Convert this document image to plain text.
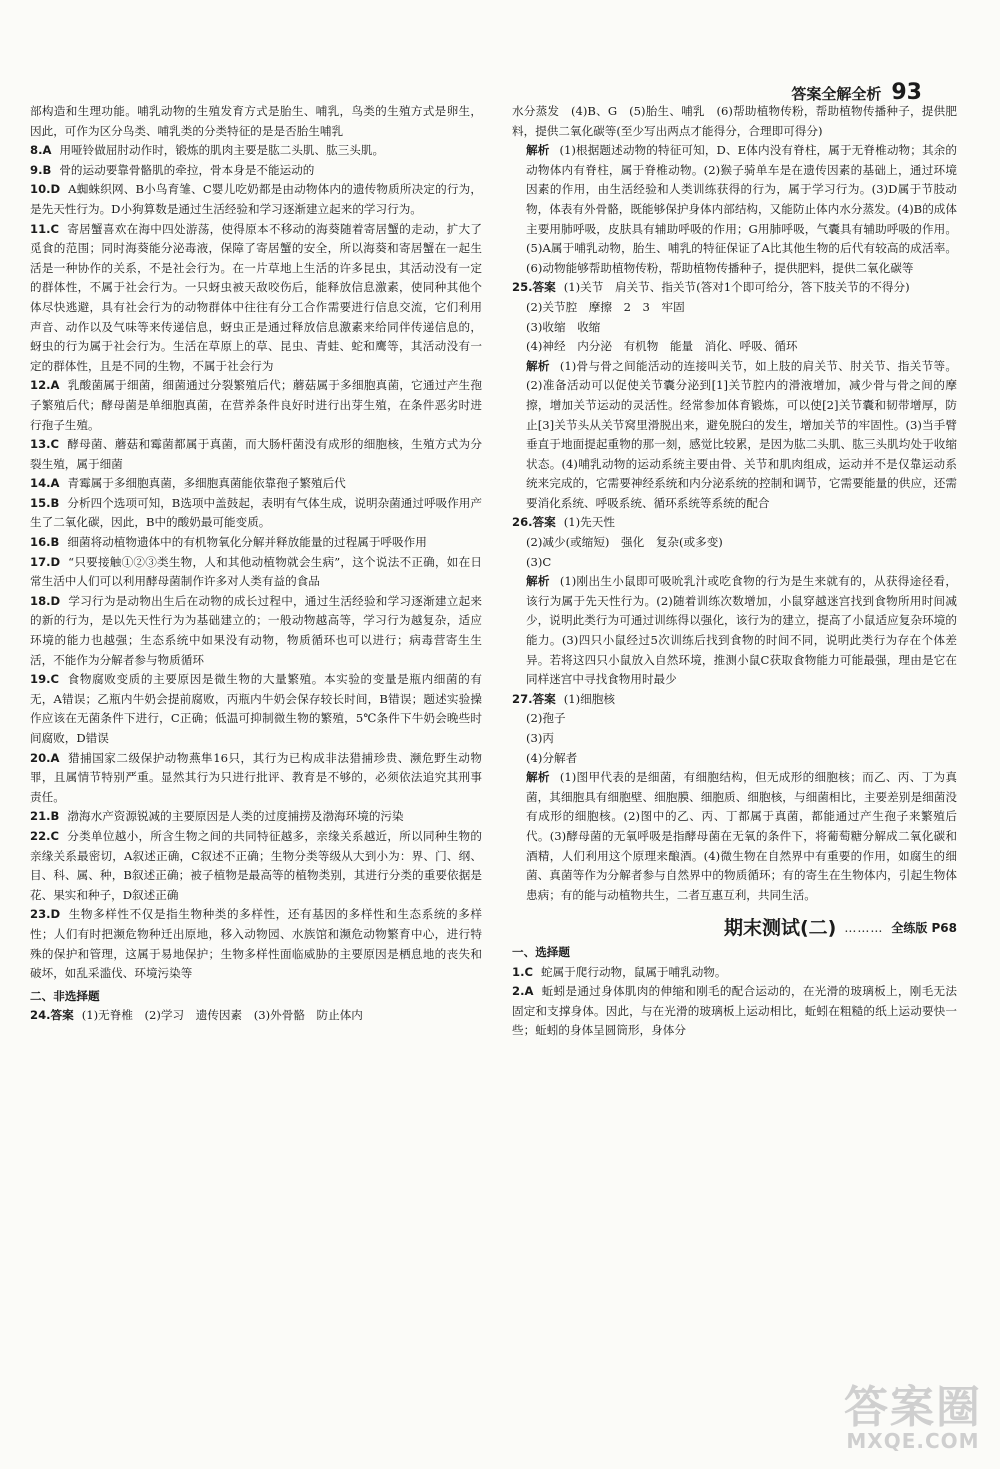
答案全解全析 93

部构造和生理功能。哺乳动物的生殖发育方式是胎生、哺乳，鸟类的生殖方式是卵生，因此，可作为区分鸟类、哺乳类的分类特征的是是否胎生哺乳

8.A 用哑铃做屈肘动作时，锻炼的肌肉主要是肱二头肌、肱三头肌。

9.B 骨的运动要靠骨骼肌的牵拉，骨本身是不能运动的

10.D A蜘蛛织网、B小鸟育雏、C婴儿吃奶都是由动物体内的遗传物质所决定的行为，是先天性行为。D小狗算数是通过生活经验和学习逐渐建立起来的学习行为。

11.C 寄居蟹喜欢在海中四处游荡，使得原本不移动的海葵随着寄居蟹的走动，扩大了觅食的范围；同时海葵能分泌毒液，保障了寄居蟹的安全，所以海葵和寄居蟹在一起生活是一种协作的关系，不是社会行为。在一片草地上生活的许多昆虫，其活动没有一定的群体性，不属于社会行为。一只蚜虫被天敌咬伤后，能释放信息激素，使同种其他个体尽快逃避，具有社会行为的动物群体中往往有分工合作需要进行信息交流，它们利用声音、动作以及气味等来传递信息，蚜虫正是通过释放信息激素来给同伴传递信息的，蚜虫的行为属于社会行为。生活在草原上的草、昆虫、青蛙、蛇和鹰等，其活动没有一定的群体性，且是不同的生物，不属于社会行为

12.A 乳酸菌属于细菌，细菌通过分裂繁殖后代；蘑菇属于多细胞真菌，它通过产生孢子繁殖后代；酵母菌是单细胞真菌，在营养条件良好时进行出芽生殖，在条件恶劣时进行孢子生殖。

13.C 酵母菌、蘑菇和霉菌都属于真菌，而大肠杆菌没有成形的细胞核，生殖方式为分裂生殖，属于细菌

14.A 青霉属于多细胞真菌，多细胞真菌能依靠孢子繁殖后代

15.B 分析四个选项可知，B选项中盖鼓起，表明有气体生成，说明杂菌通过呼吸作用产生了二氧化碳，因此，B中的酸奶最可能变质。

16.B 细菌将动植物遗体中的有机物氧化分解并释放能量的过程属于呼吸作用

17.D “只要接触①②③类生物，人和其他动植物就会生病”，这个说法不正确，如在日常生活中人们可以利用酵母菌制作许多对人类有益的食品

18.D 学习行为是动物出生后在动物的成长过程中，通过生活经验和学习逐渐建立起来的新的行为，是以先天性行为为基础建立的；一般动物越高等，学习行为越复杂，适应环境的能力也越强；生态系统中如果没有动物，物质循环也可以进行；病毒营寄生生活，不能作为分解者参与物质循环

19.C 食物腐败变质的主要原因是微生物的大量繁殖。本实验的变量是瓶内细菌的有无，A错误；乙瓶内牛奶会提前腐败，丙瓶内牛奶会保存较长时间，B错误；题述实验操作应该在无菌条件下进行，C正确；低温可抑制微生物的繁殖，5℃条件下牛奶会晚些时间腐败，D错误

20.A 猎捕国家二级保护动物燕隼16只，其行为已构成非法猎捕珍贵、濒危野生动物罪，且属情节特别严重。显然其行为只进行批评、教育是不够的，必须依法追究其刑事责任。

21.B 渤海水产资源锐减的主要原因是人类的过度捕捞及渤海环境的污染

22.C 分类单位越小，所含生物之间的共同特征越多，亲缘关系越近，所以同种生物的亲缘关系最密切，A叙述正确，C叙述不正确；生物分类等级从大到小为：界、门、纲、目、科、属、种，B叙述正确；被子植物是最高等的植物类别，其进行分类的重要依据是花、果实和种子，D叙述正确

23.D 生物多样性不仅是指生物种类的多样性，还有基因的多样性和生态系统的多样性；人们有时把濒危物种迁出原地，移入动物园、水族馆和濒危动物繁育中心，进行特殊的保护和管理，这属于易地保护；生物多样性面临威胁的主要原因是栖息地的丧失和破坏，如乱采滥伐、环境污染等

二、非选择题

24.答案 (1)无脊椎　(2)学习　遗传因素　(3)外骨骼　防止体内

水分蒸发　(4)B、G　(5)胎生、哺乳　(6)帮助植物传粉，帮助植物传播种子，提供肥料，提供二氧化碳等(至少写出两点才能得分，合理即可得分)

解析 (1)根据题述动物的特征可知，D、E体内没有脊柱，属于无脊椎动物；其余的动物体内有脊柱，属于脊椎动物。(2)猴子骑单车是在遗传因素的基础上，通过环境因素的作用，由生活经验和人类训练获得的行为，属于学习行为。(3)D属于节肢动物，体表有外骨骼，既能够保护身体内部结构，又能防止体内水分蒸发。(4)B的成体主要用肺呼吸，皮肤具有辅助呼吸的作用；G用肺呼吸，气囊具有辅助呼吸的作用。(5)A属于哺乳动物，胎生、哺乳的特征保证了A比其他生物的后代有较高的成活率。(6)动物能够帮助植物传粉，帮助植物传播种子，提供肥料，提供二氧化碳等

25.答案 (1)关节　肩关节、指关节(答对1个即可给分，答下肢关节的不得分)

(2)关节腔　摩擦　2　3　牢固

(3)收缩　收缩

(4)神经　内分泌　有机物　能量　消化、呼吸、循环

解析 (1)骨与骨之间能活动的连接叫关节，如上肢的肩关节、肘关节、指关节等。(2)准备活动可以促使关节囊分泌到[1]关节腔内的滑液增加，减少骨与骨之间的摩擦，增加关节运动的灵活性。经常参加体育锻炼，可以使[2]关节囊和韧带增厚，防止[3]关节头从关节窝里滑脱出来，避免脱臼的发生，增加关节的牢固性。(3)当手臂垂直于地面提起重物的那一刻，感觉比较累，是因为肱二头肌、肱三头肌均处于收缩状态。(4)哺乳动物的运动系统主要由骨、关节和肌肉组成，运动并不是仅靠运动系统来完成的，它需要神经系统和内分泌系统的控制和调节，它需要能量的供应，还需要消化系统、呼吸系统、循环系统等系统的配合

26.答案 (1)先天性

(2)减少(或缩短)　强化　复杂(或多变)

(3)C

解析 (1)刚出生小鼠即可吸吮乳汁或吃食物的行为是生来就有的，从获得途径看，该行为属于先天性行为。(2)随着训练次数增加，小鼠穿越迷宫找到食物所用时间减少，说明此类行为可通过训练得以强化，该行为的建立，提高了小鼠适应复杂环境的能力。(3)四只小鼠经过5次训练后找到食物的时间不同，说明此类行为存在个体差异。若将这四只小鼠放入自然环境，推测小鼠C获取食物能力可能最强，理由是它在同样迷宫中寻找食物用时最少

27.答案 (1)细胞核

(2)孢子

(3)丙

(4)分解者

解析 (1)图甲代表的是细菌，有细胞结构，但无成形的细胞核；而乙、丙、丁为真菌，其细胞具有细胞壁、细胞膜、细胞质、细胞核，与细菌相比，主要差别是细菌没有成形的细胞核。(2)图中的乙、丙、丁都属于真菌，都能通过产生孢子来繁殖后代。(3)酵母菌的无氧呼吸是指酵母菌在无氧的条件下，将葡萄糖分解成二氧化碳和酒精，人们利用这个原理来酿酒。(4)微生物在自然界中有重要的作用，如腐生的细菌、真菌等作为分解者参与自然界中的物质循环；有的寄生在生物体内，引起生物体患病；有的能与动植物共生，二者互惠互利，共同生活。

期末测试(二) ……… 全练版 P68
一、选择题

1.C 蛇属于爬行动物，鼠属于哺乳动物。

2.A 蚯蚓是通过身体肌肉的伸缩和刚毛的配合运动的，在光滑的玻璃板上，刚毛无法固定和支撑身体。因此，与在光滑的玻璃板上运动相比，蚯蚓在粗糙的纸上运动要快一些；蚯蚓的身体呈圆筒形，身体分

答案圈
MXQE.COM
